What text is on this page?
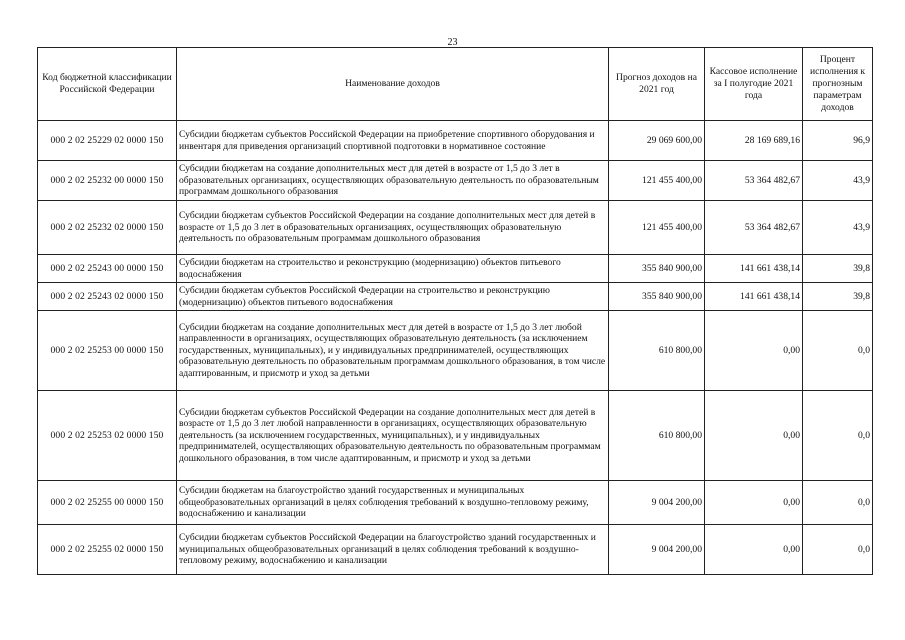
23
Код бюджетной классификации Российской Федерации	Наименование доходов	Прогноз доходов на 2021 год	Кассовое исполнение за I полугодие 2021 года	Процент исполнения к прогнозным параметрам доходов
000 2 02 25229 02 0000 150	Субсидии бюджетам субъектов Российской Федерации на приобретение спортивного оборудования и инвентаря для приведения организаций спортивной подготовки в нормативное состояние	29 069 600,00	28 169 689,16	96,9
000 2 02 25232 00 0000 150	Субсидии бюджетам на создание дополнительных мест для детей в возрасте от 1,5 до 3 лет в образовательных организациях, осуществляющих образовательную деятельность по образовательным программам дошкольного образования	121 455 400,00	53 364 482,67	43,9
000 2 02 25232 02 0000 150	Субсидии бюджетам субъектов Российской Федерации на создание дополнительных мест для детей в возрасте от 1,5 до 3 лет в образовательных организациях, осуществляющих образовательную деятельность по образовательным программам дошкольного образования	121 455 400,00	53 364 482,67	43,9
000 2 02 25243 00 0000 150	Субсидии бюджетам на строительство и реконструкцию (модернизацию) объектов питьевого водоснабжения	355 840 900,00	141 661 438,14	39,8
000 2 02 25243 02 0000 150	Субсидии бюджетам субъектов Российской Федерации на строительство и реконструкцию (модернизацию) объектов питьевого водоснабжения	355 840 900,00	141 661 438,14	39,8
000 2 02 25253 00 0000 150	Субсидии бюджетам на создание дополнительных мест для детей в возрасте от 1,5 до 3 лет любой направленности в организациях, осуществляющих образовательную деятельность (за исключением государственных, муниципальных), и у индивидуальных предпринимателей, осуществляющих образовательную деятельность по образовательным программам дошкольного образования, в том числе адаптированным, и присмотр и уход за детьми	610 800,00	0,00	0,0
000 2 02 25253 02 0000 150	Субсидии бюджетам субъектов Российской Федерации на создание дополнительных мест для детей в возрасте от 1,5 до 3 лет любой направленности в организациях, осуществляющих образовательную деятельность (за исключением государственных, муниципальных), и у индивидуальных предпринимателей, осуществляющих образовательную деятельность по образовательным программам дошкольного образования, в том числе адаптированным, и присмотр и уход за детьми	610 800,00	0,00	0,0
000 2 02 25255 00 0000 150	Субсидии бюджетам на благоустройство зданий государственных и муниципальных общеобразовательных организаций в целях соблюдения требований к воздушно-тепловому режиму, водоснабжению и канализации	9 004 200,00	0,00	0,0
000 2 02 25255 02 0000 150	Субсидии бюджетам субъектов Российской Федерации на благоустройство зданий государственных и муниципальных общеобразовательных организаций в целях соблюдения требований к воздушно-тепловому режиму, водоснабжению и канализации	9 004 200,00	0,00	0,0
